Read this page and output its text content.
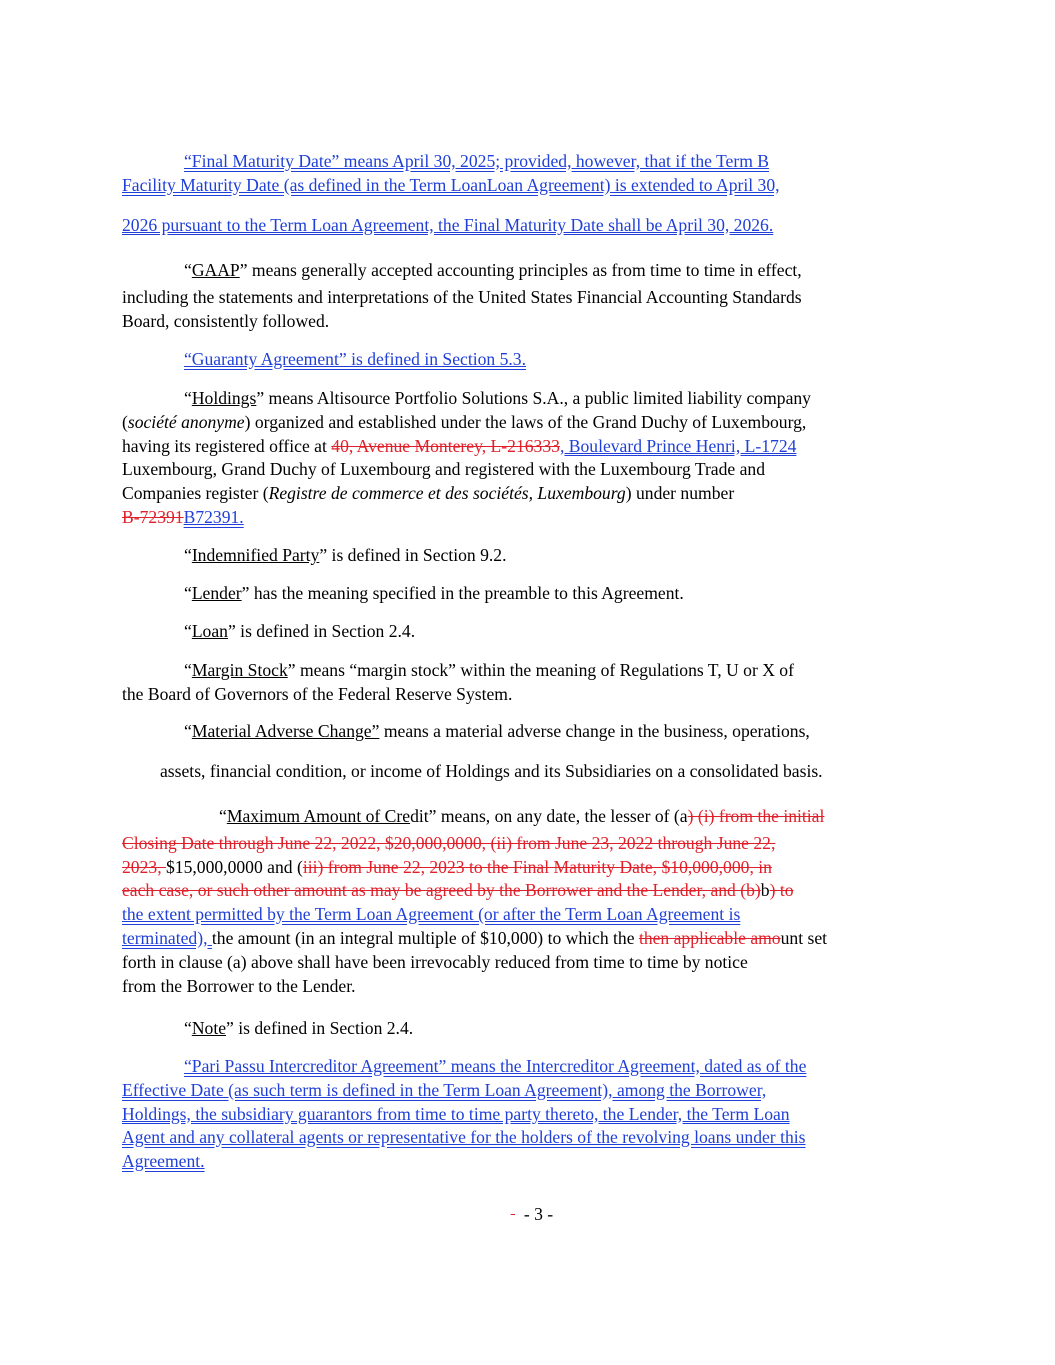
“Final Maturity Date” means April 30, 2025; provided, however, that if the Term B
Facility Maturity Date (as defined in the Term LoanLoan Agreement) is extended to April 30,
2026 pursuant to the Term Loan Agreement, the Final Maturity Date shall be April 30, 2026.
“GAAP” means generally accepted accounting principles as from time to time in effect,
including the statements and interpretations of the United States Financial Accounting Standards
Board, consistently followed.
“Guaranty Agreement” is defined in Section 5.3.
“Holdings” means Altisource Portfolio Solutions S.A., a public limited liability company
(société anonyme) organized and established under the laws of the Grand Duchy of Luxembourg,
having its registered office at 40, Avenue Monterey, L-216333, Boulevard Prince Henri, L-1724
Luxembourg, Grand Duchy of Luxembourg and registered with the Luxembourg Trade and
Companies register (Registre de commerce et des sociétés, Luxembourg) under number
B-72391B72391.
“Indemnified Party” is defined in Section 9.2.
“Lender” has the meaning specified in the preamble to this Agreement.
“Loan” is defined in Section 2.4.
“Margin Stock” means “margin stock” within the meaning of Regulations T, U or X of
the Board of Governors of the Federal Reserve System.
“Material Adverse Change” means a material adverse change in the business, operations,
assets, financial condition, or income of Holdings and its Subsidiaries on a consolidated basis.
“Maximum Amount of Credit” means, on any date, the lesser of (a) (i) from the initial
Closing Date through June 22, 2022, $20,000,0000, (ii) from June 23, 2022 through June 22,
2023, $15,000,0000 and (iii) from June 22, 2023 to the Final Maturity Date, $10,000,000, in
each case, or such other amount as may be agreed by the Borrower and the Lender, and (b)b) to
the extent permitted by the Term Loan Agreement (or after the Term Loan Agreement is
terminated), the amount (in an integral multiple of $10,000) to which the then applicable amount set
forth in clause (a) above shall have been irrevocably reduced from time to time by notice
from the Borrower to the Lender.
“Note” is defined in Section 2.4.
“Pari Passu Intercreditor Agreement” means the Intercreditor Agreement, dated as of the
Effective Date (as such term is defined in the Term Loan Agreement), among the Borrower,
Holdings, the subsidiary guarantors from time to time party thereto, the Lender, the Term Loan
Agent and any collateral agents or representative for the holders of the revolving loans under this
Agreement.
- 3 -
